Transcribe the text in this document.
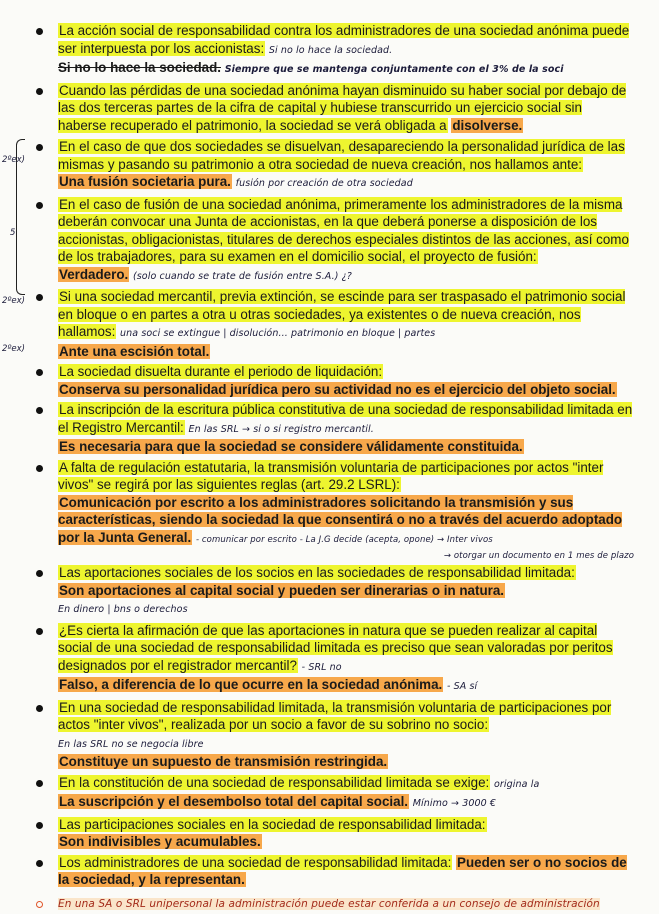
2ºex)
5
2ºex)
2ºex)

La acción social de responsabilidad contra los administradores de una sociedad anónima puede ser interpuesta por los accionistas: Si no lo hace la sociedad.

Si no lo hace la sociedad. Siempre que se mantenga conjuntamente con el 3% de la soci

Cuando las pérdidas de una sociedad anónima hayan disminuido su haber social por debajo de las dos terceras partes de la cifra de capital y hubiese transcurrido un ejercicio social sin haberse recuperado el patrimonio, la sociedad se verá obligada a disolverse.

En el caso de que dos sociedades se disuelvan, desapareciendo la personalidad jurídica de las mismas y pasando su patrimonio a otra sociedad de nueva creación, nos hallamos ante:

Una fusión societaria pura. fusión por creación de otra sociedad

En el caso de fusión de una sociedad anónima, primeramente los administradores de la misma deberán convocar una Junta de accionistas, en la que deberá ponerse a disposición de los accionistas, obligacionistas, titulares de derechos especiales distintos de las acciones, así como de los trabajadores, para su examen en el domicilio social, el proyecto de fusión:

Verdadero. (solo cuando se trate de fusión entre S.A.) ¿?

Si una sociedad mercantil, previa extinción, se escinde para ser traspasado el patrimonio social en bloque o en partes a otra u otras sociedades, ya existentes o de nueva creación, nos hallamos: una soci se extingue | disolución... patrimonio en bloque | partes

Ante una escisión total.

La sociedad disuelta durante el periodo de liquidación:

Conserva su personalidad jurídica pero su actividad no es el ejercicio del objeto social.

La inscripción de la escritura pública constitutiva de una sociedad de responsabilidad limitada en el Registro Mercantil: En las SRL → si o si registro mercantil.

Es necesaria para que la sociedad se considere válidamente constituida.

A falta de regulación estatutaria, la transmisión voluntaria de participaciones por actos "inter vivos" se regirá por las siguientes reglas (art. 29.2 LSRL):

Comunicación por escrito a los administradores solicitando la transmisión y sus características, siendo la sociedad la que consentirá o no a través del acuerdo adoptado por la Junta General. - comunicar por escrito - La J.G decide (acepta, opone) → Inter vivos

→ otorgar un documento en 1 mes de plazo

Las aportaciones sociales de los socios en las sociedades de responsabilidad limitada:

Son aportaciones al capital social y pueden ser dinerarias o in natura. En dinero | bns o derechos

¿Es cierta la afirmación de que las aportaciones in natura que se pueden realizar al capital social de una sociedad de responsabilidad limitada es preciso que sean valoradas por peritos designados por el registrador mercantil? - SRL no

Falso, a diferencia de lo que ocurre en la sociedad anónima. - SA sí

En una sociedad de responsabilidad limitada, la transmisión voluntaria de participaciones por actos "inter vivos", realizada por un socio a favor de su sobrino no socio: En las SRL no se negocia libre

Constituye un supuesto de transmisión restringida.

En la constitución de una sociedad de responsabilidad limitada se exige: origina la

La suscripción y el desembolso total del capital social. Mínimo → 3000 €

Las participaciones sociales en la sociedad de responsabilidad limitada:

Son indivisibles y acumulables.

Los administradores de una sociedad de responsabilidad limitada: Pueden ser o no socios de la sociedad, y la representan.

En una SA o SRL unipersonal la administración puede estar conferida a un consejo de administración
